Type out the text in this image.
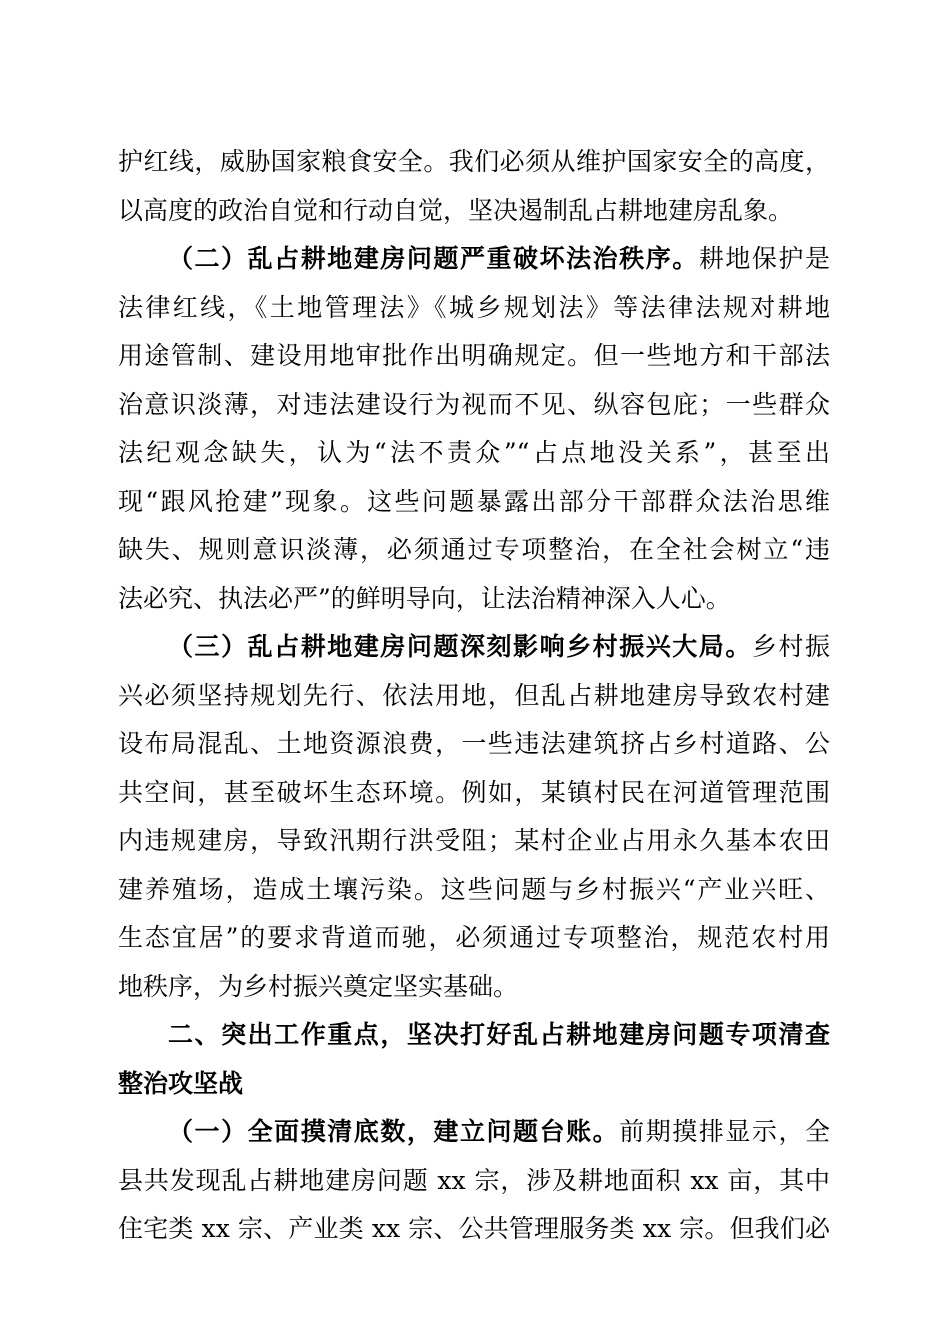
护红线，威胁国家粮食安全。我们必须从维护国家安全的高度，
以高度的政治自觉和行动自觉，坚决遏制乱占耕地建房乱象。
（二）乱占耕地建房问题严重破坏法治秩序。耕地保护是
法律红线，《土地管理法》《城乡规划法》等法律法规对耕地
用途管制、建设用地审批作出明确规定。但一些地方和干部法
治意识淡薄，对违法建设行为视而不见、纵容包庇；一些群众
法纪观念缺失，认为“法不责众”“占点地没关系”，甚至出
现“跟风抢建”现象。这些问题暴露出部分干部群众法治思维
缺失、规则意识淡薄，必须通过专项整治，在全社会树立“违
法必究、执法必严”的鲜明导向，让法治精神深入人心。
（三）乱占耕地建房问题深刻影响乡村振兴大局。乡村振
兴必须坚持规划先行、依法用地，但乱占耕地建房导致农村建
设布局混乱、土地资源浪费，一些违法建筑挤占乡村道路、公
共空间，甚至破坏生态环境。例如，某镇村民在河道管理范围
内违规建房，导致汛期行洪受阻；某村企业占用永久基本农田
建养殖场，造成土壤污染。这些问题与乡村振兴“产业兴旺、
生态宜居”的要求背道而驰，必须通过专项整治，规范农村用
地秩序，为乡村振兴奠定坚实基础。
二、突出工作重点，坚决打好乱占耕地建房问题专项清查
整治攻坚战
（一）全面摸清底数，建立问题台账。前期摸排显示，全
县共发现乱占耕地建房问题 xx 宗，涉及耕地面积 xx 亩，其中
住宅类 xx 宗、产业类 xx 宗、公共管理服务类 xx 宗。但我们必
